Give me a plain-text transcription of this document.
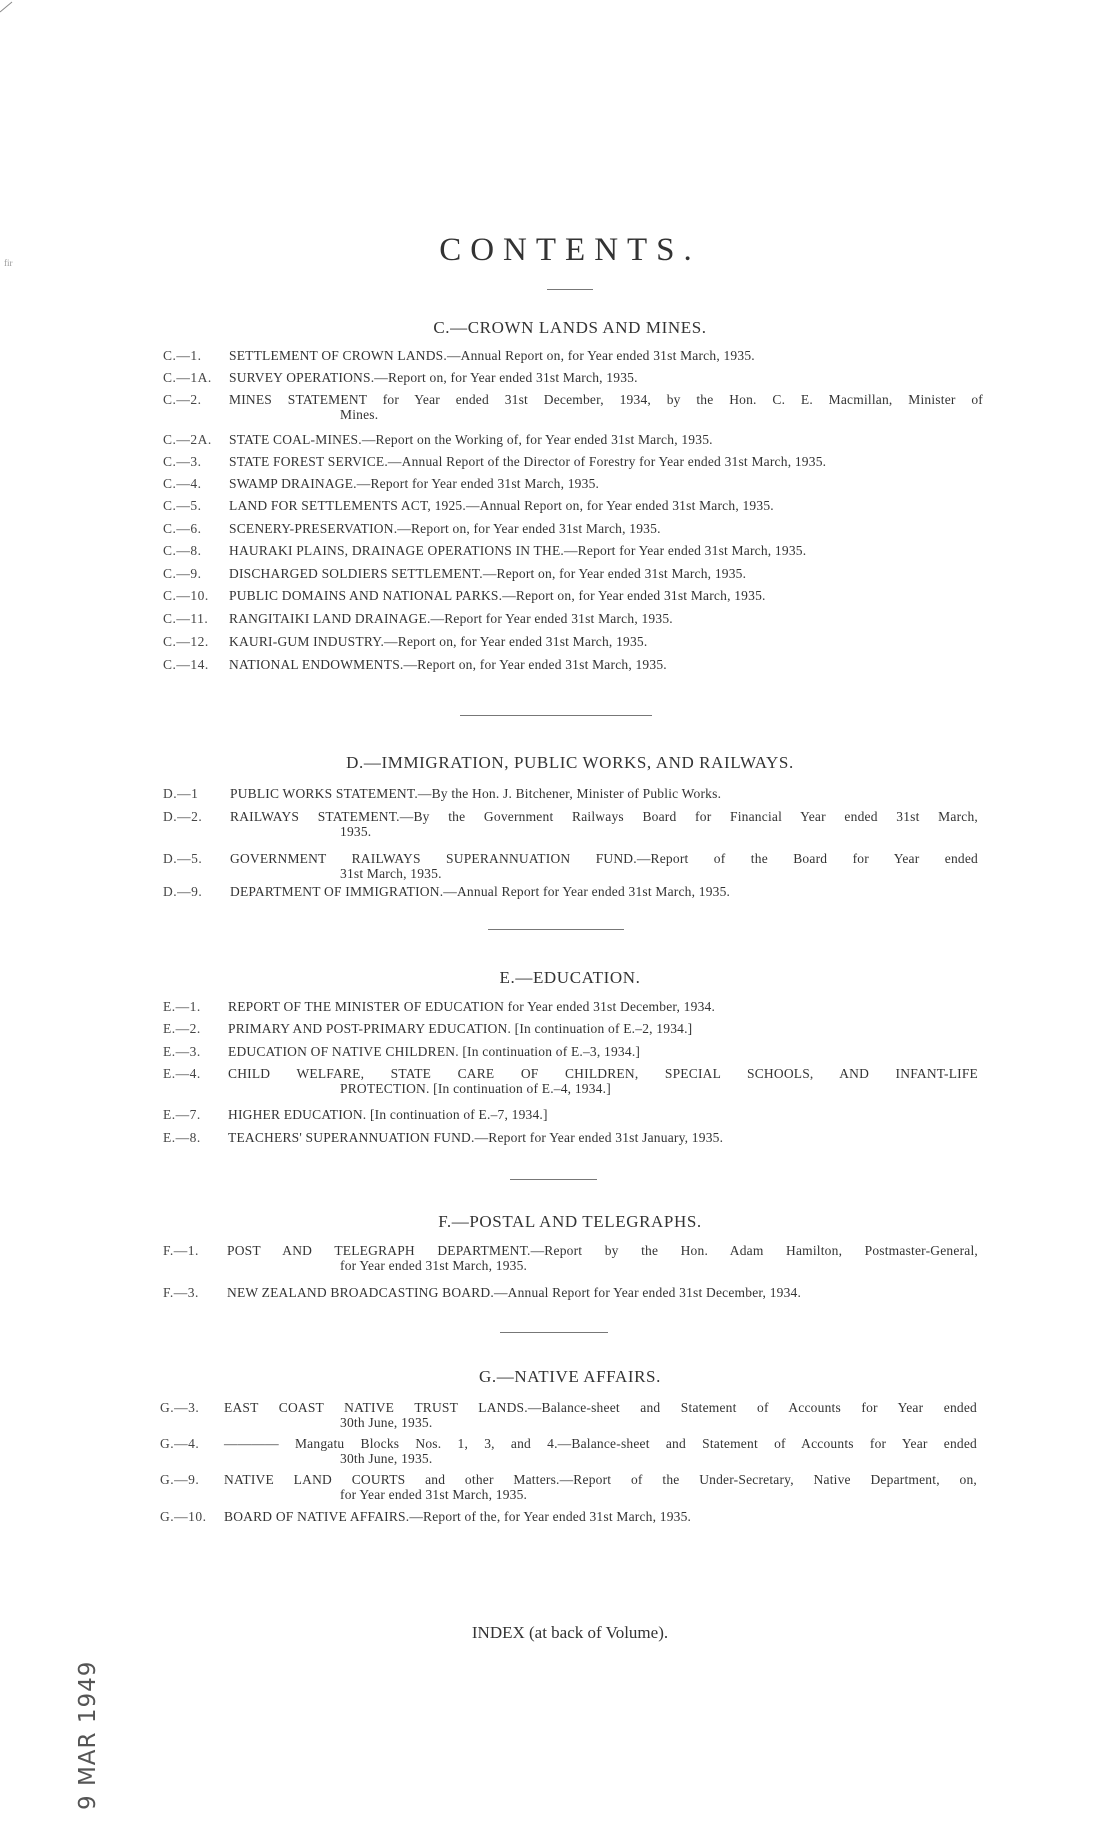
fir	CONTENTS.
C.—CROWN LANDS AND MINES.
C.—1. SETTLEMENT OF CROWN LANDS.—Annual Report on, for Year ended 31st March, 1935.
C.—1A. SURVEY OPERATIONS.—Report on, for Year ended 31st March, 1935.
C.—2. MINES STATEMENT for Year ended 31st December, 1934, by the Hon. C. E. Macmillan, Minister of
Mines.
C.—2A. STATE COAL-MINES.—Report on the Working of, for Year ended 31st March, 1935.
C.—3. STATE FOREST SERVICE.—Annual Report of the Director of Forestry for Year ended 31st March, 1935.
C.—4. SWAMP DRAINAGE.—Report for Year ended 31st March, 1935.
C.—5. LAND FOR SETTLEMENTS ACT, 1925.—Annual Report on, for Year ended 31st March, 1935.
C.—6. SCENERY-PRESERVATION.—Report on, for Year ended 31st March, 1935.
C.—8. HAURAKI PLAINS, DRAINAGE OPERATIONS IN THE.—Report for Year ended 31st March, 1935.
C.—9. DISCHARGED SOLDIERS SETTLEMENT.—Report on, for Year ended 31st March, 1935.
C.—10. PUBLIC DOMAINS AND NATIONAL PARKS.—Report on, for Year ended 31st March, 1935.
C.—11. RANGITAIKI LAND DRAINAGE.—Report for Year ended 31st March, 1935.
C.—12. KAURI-GUM INDUSTRY.—Report on, for Year ended 31st March, 1935.
C.—14. NATIONAL ENDOWMENTS.—Report on, for Year ended 31st March, 1935.
D.—IMMIGRATION, PUBLIC WORKS, AND RAILWAYS.
D.—1 PUBLIC WORKS STATEMENT.—By the Hon. J. Bitchener, Minister of Public Works.
D.—2. RAILWAYS STATEMENT.—By the Government Railways Board for Financial Year ended 31st March,
1935.
D.—5. GOVERNMENT RAILWAYS SUPERANNUATION FUND.—Report of the Board for Year ended
31st March, 1935.
D.—9. DEPARTMENT OF IMMIGRATION.—Annual Report for Year ended 31st March, 1935.
E.—EDUCATION.
E.—1. REPORT OF THE MINISTER OF EDUCATION for Year ended 31st December, 1934.
E.—2. PRIMARY AND POST-PRIMARY EDUCATION. [In continuation of E.–2, 1934.]
E.—3. EDUCATION OF NATIVE CHILDREN. [In continuation of E.–3, 1934.]
E.—4. CHILD WELFARE, STATE CARE OF CHILDREN, SPECIAL SCHOOLS, AND INFANT-LIFE
PROTECTION. [In continuation of E.–4, 1934.]
E.—7. HIGHER EDUCATION. [In continuation of E.–7, 1934.]
E.—8. TEACHERS' SUPERANNUATION FUND.—Report for Year ended 31st January, 1935.
F.—POSTAL AND TELEGRAPHS.
F.—1. POST AND TELEGRAPH DEPARTMENT.—Report by the Hon. Adam Hamilton, Postmaster-General,
for Year ended 31st March, 1935.
F.—3. NEW ZEALAND BROADCASTING BOARD.—Annual Report for Year ended 31st December, 1934.
G.—NATIVE AFFAIRS.
G.—3. EAST COAST NATIVE TRUST LANDS.—Balance-sheet and Statement of Accounts for Year ended
30th June, 1935.
G.—4. ———— Mangatu Blocks Nos. 1, 3, and 4.—Balance-sheet and Statement of Accounts for Year ended
30th June, 1935.
G.—9. NATIVE LAND COURTS and other Matters.—Report of the Under-Secretary, Native Department, on,
for Year ended 31st March, 1935.
G.—10. BOARD OF NATIVE AFFAIRS.—Report of the, for Year ended 31st March, 1935.
INDEX (at back of Volume).
9 MAR 1949
